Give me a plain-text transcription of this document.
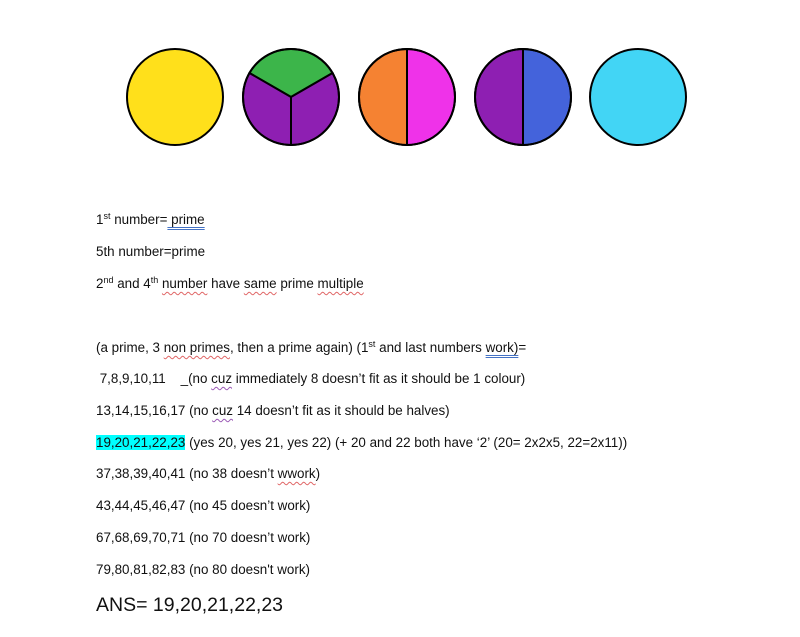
1st number= prime
5th number=prime
2nd and 4th number have same prime multiple
(a prime, 3 non primes, then a prime again) (1st and last numbers work)=
7,8,9,10,11 _(no cuz immediately 8 doesn’t fit as it should be 1 colour)
13,14,15,16,17 (no cuz 14 doesn’t fit as it should be halves)
19,20,21,22,23 (yes 20, yes 21, yes 22) (+ 20 and 22 both have ‘2’ (20= 2x2x5, 22=2x11))
37,38,39,40,41 (no 38 doesn’t wwork)
43,44,45,46,47 (no 45 doesn’t work)
67,68,69,70,71 (no 70 doesn’t work)
79,80,81,82,83 (no 80 doesn't work)
ANS= 19,20,21,22,23
